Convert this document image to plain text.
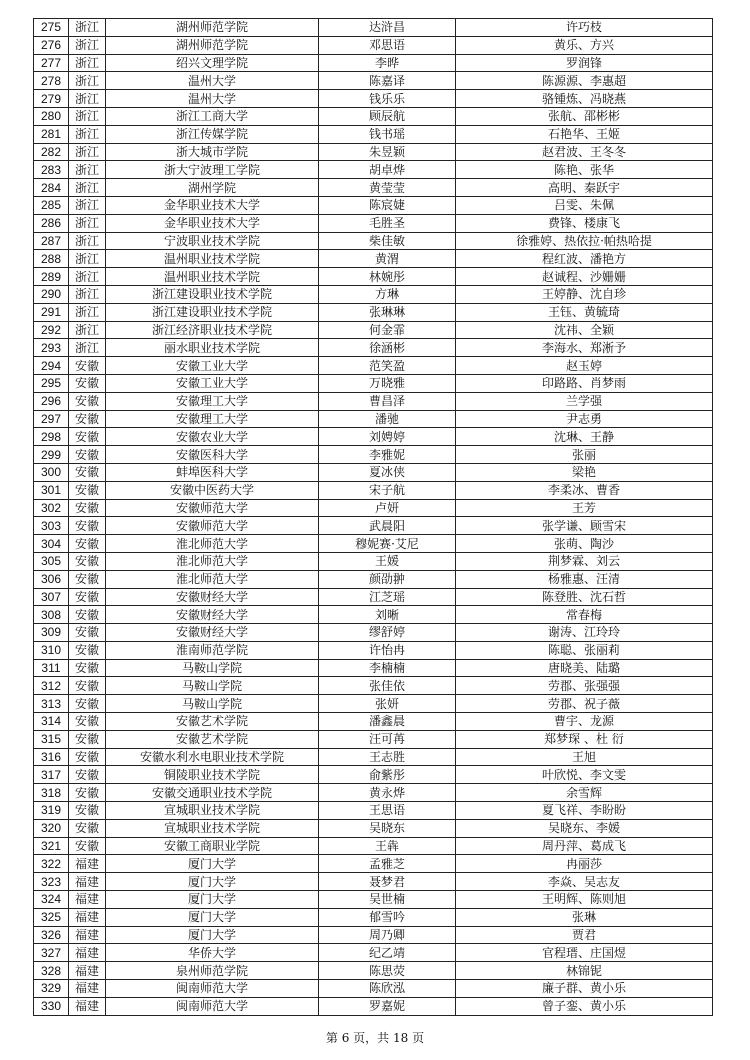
275	浙江	湖州师范学院	达浒昌	许巧枝
276	浙江	湖州师范学院	邓思语	黄乐、方兴
277	浙江	绍兴文理学院	李晔	罗润锋
278	浙江	温州大学	陈嘉译	陈源源、李惠超
279	浙江	温州大学	钱乐乐	骆锺炼、冯晓燕
280	浙江	浙江工商大学	顾辰航	张航、邵彬彬
281	浙江	浙江传媒学院	钱书瑶	石艳华、王姬
282	浙江	浙大城市学院	朱昱颖	赵君波、王冬冬
283	浙江	浙大宁波理工学院	胡卓烨	陈艳、张华
284	浙江	湖州学院	黄莹莹	高明、秦跃宇
285	浙江	金华职业技术大学	陈宸婕	吕雯、朱佩
286	浙江	金华职业技术大学	毛胜圣	费锋、楼康飞
287	浙江	宁波职业技术学院	柴佳敏	徐雅婷、热依拉·帕热哈提
288	浙江	温州职业技术学院	黄渭	程红波、潘艳方
289	浙江	温州职业技术学院	林婉彤	赵诚程、沙姗姗
290	浙江	浙江建设职业技术学院	方琳	王婷静、沈自珍
291	浙江	浙江建设职业技术学院	张琳琳	王钰、黄毓琦
292	浙江	浙江经济职业技术学院	何金霏	沈祎、全颖
293	浙江	丽水职业技术学院	徐涵彬	李海水、郑淅予
294	安徽	安徽工业大学	范笑盈	赵玉婷
295	安徽	安徽工业大学	万晓雅	印路路、肖梦雨
296	安徽	安徽理工大学	曹昌泽	兰学强
297	安徽	安徽理工大学	潘驰	尹志勇
298	安徽	安徽农业大学	刘娉婷	沈琳、王静
299	安徽	安徽医科大学	李雅妮	张丽
300	安徽	蚌埠医科大学	夏冰侠	梁艳
301	安徽	安徽中医药大学	宋子航	李柔冰、曹香
302	安徽	安徽师范大学	卢妍	王芳
303	安徽	安徽师范大学	武晨阳	张学谦、顾雪宋
304	安徽	淮北师范大学	穆妮赛·艾尼	张萌、陶沙
305	安徽	淮北师范大学	王媛	荆梦霖、刘云
306	安徽	淮北师范大学	颜劭翀	杨雅惠、汪清
307	安徽	安徽财经大学	江芝瑶	陈登胜、沈石哲
308	安徽	安徽财经大学	刘晰	常春梅
309	安徽	安徽财经大学	缪舒婷	谢涛、江玲玲
310	安徽	淮南师范学院	许怡冉	陈聪、张丽莉
311	安徽	马鞍山学院	李楠楠	唐晓美、陆璐
312	安徽	马鞍山学院	张佳依	劳郡、张强强
313	安徽	马鞍山学院	张妍	劳郡、祝子薇
314	安徽	安徽艺术学院	潘鑫晨	曹宇、龙源
315	安徽	安徽艺术学院	汪可苒	郑梦琛 、杜 衍
316	安徽	安徽水利水电职业技术学院	王志胜	王旭
317	安徽	铜陵职业技术学院	俞紫彤	叶欣悦、李文雯
318	安徽	安徽交通职业技术学院	黄永烨	余雪辉
319	安徽	宣城职业技术学院	王思语	夏飞祥、李盼盼
320	安徽	宣城职业技术学院	吴晓东	吴晓东、李媛
321	安徽	安徽工商职业学院	王犇	周丹萍、葛成飞
322	福建	厦门大学	孟雅芝	冉丽莎
323	福建	厦门大学	聂梦君	李焱、吴志友
324	福建	厦门大学	吴世楠	王明辉、陈则旭
325	福建	厦门大学	郁雪吟	张琳
326	福建	厦门大学	周乃卿	贾君
327	福建	华侨大学	纪乙靖	官程瑨、庄国煜
328	福建	泉州师范学院	陈思荧	林锦铌
329	福建	闽南师范大学	陈欣泓	廉子群、黄小乐
330	福建	闽南师范大学	罗嘉妮	曾子銮、黄小乐
第 6 页，共 18 页
